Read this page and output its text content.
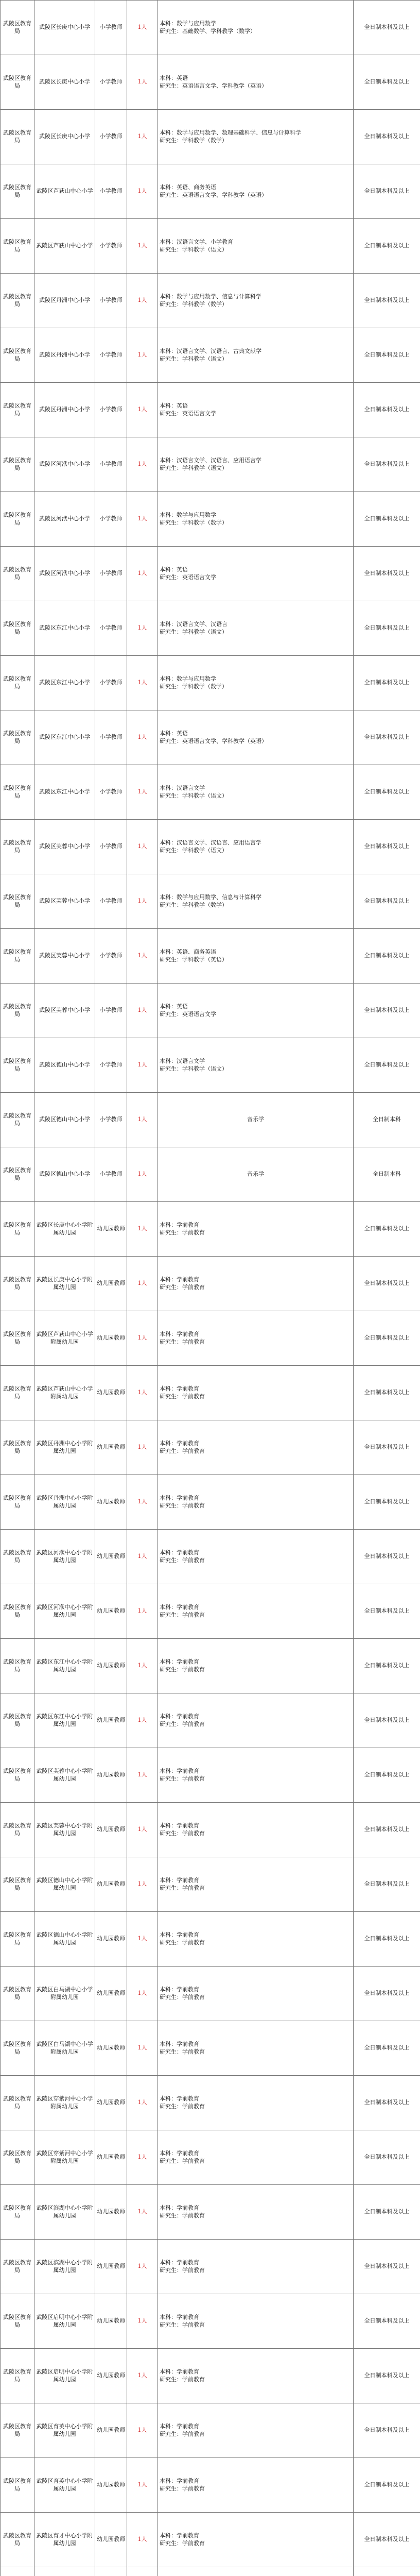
武陵区教育局	武陵区长庚中心小学	小学教师	1人	本科：数学与应用数学
研究生：基础数学、学科教学（数学）	全日制本科及以上
武陵区教育局	武陵区长庚中心小学	小学教师	1人	本科：英语
研究生：英语语言文学、学科教学（英语）	全日制本科及以上
武陵区教育局	武陵区长庚中心小学	小学教师	1人	本科：数学与应用数学、数理基础科学、信息与计算科学
研究生：学科教学（数学）	全日制本科及以上
武陵区教育局	武陵区芦荻山中心小学	小学教师	1人	本科：英语、商务英语
研究生：英语语言文学、学科教学（英语）	全日制本科及以上
武陵区教育局	武陵区芦荻山中心小学	小学教师	1人	本科：汉语言文学、小学教育
研究生：学科教学（语文）	全日制本科及以上
武陵区教育局	武陵区丹洲中心小学	小学教师	1人	本科：数学与应用数学、信息与计算科学
研究生：学科教学（数学）	全日制本科及以上
武陵区教育局	武陵区丹洲中心小学	小学教师	1人	本科：汉语言文学、汉语言、古典文献学
研究生：学科教学（语文）	全日制本科及以上
武陵区教育局	武陵区丹洲中心小学	小学教师	1人	本科：英语
研究生：英语语言文学	全日制本科及以上
武陵区教育局	武陵区河洑中心小学	小学教师	1人	本科：汉语言文学、汉语言、应用语言学
研究生：学科教学（语文）	全日制本科及以上
武陵区教育局	武陵区河洑中心小学	小学教师	1人	本科：数学与应用数学
研究生：学科教学（数学）	全日制本科及以上
武陵区教育局	武陵区河洑中心小学	小学教师	1人	本科：英语
研究生：英语语言文学	全日制本科及以上
武陵区教育局	武陵区东江中心小学	小学教师	1人	本科：汉语言文学、汉语言
研究生：学科教学（语文）	全日制本科及以上
武陵区教育局	武陵区东江中心小学	小学教师	1人	本科：数学与应用数学
研究生：学科教学（数学）	全日制本科及以上
武陵区教育局	武陵区东江中心小学	小学教师	1人	本科：英语
研究生：英语语言文学、学科教学（英语）	全日制本科及以上
武陵区教育局	武陵区东江中心小学	小学教师	1人	本科：汉语言文学
研究生：学科教学（语文）	全日制本科及以上
武陵区教育局	武陵区芙蓉中心小学	小学教师	1人	本科：汉语言文学、汉语言、应用语言学
研究生：学科教学（语文）	全日制本科及以上
武陵区教育局	武陵区芙蓉中心小学	小学教师	1人	本科：数学与应用数学、信息与计算科学
研究生：学科教学（数学）	全日制本科及以上
武陵区教育局	武陵区芙蓉中心小学	小学教师	1人	本科：英语、商务英语
研究生：学科教学（英语）	全日制本科及以上
武陵区教育局	武陵区芙蓉中心小学	小学教师	1人	本科：英语
研究生：英语语言文学	全日制本科及以上
武陵区教育局	武陵区德山中心小学	小学教师	1人	本科：汉语言文学
研究生：学科教学（语文）	全日制本科及以上
武陵区教育局	武陵区德山中心小学	小学教师	1人	音乐学	全日制本科
武陵区教育局	武陵区德山中心小学	小学教师	1人	音乐学	全日制本科
武陵区教育局	武陵区长庚中心小学附属幼儿园	幼儿园教师	1人	本科：学前教育
研究生：学前教育	全日制本科及以上
武陵区教育局	武陵区长庚中心小学附属幼儿园	幼儿园教师	1人	本科：学前教育
研究生：学前教育	全日制本科及以上
武陵区教育局	武陵区芦荻山中心小学附属幼儿园	幼儿园教师	1人	本科：学前教育
研究生：学前教育	全日制本科及以上
武陵区教育局	武陵区芦荻山中心小学附属幼儿园	幼儿园教师	1人	本科：学前教育
研究生：学前教育	全日制本科及以上
武陵区教育局	武陵区丹洲中心小学附属幼儿园	幼儿园教师	1人	本科：学前教育
研究生：学前教育	全日制本科及以上
武陵区教育局	武陵区丹洲中心小学附属幼儿园	幼儿园教师	1人	本科：学前教育
研究生：学前教育	全日制本科及以上
武陵区教育局	武陵区河洑中心小学附属幼儿园	幼儿园教师	1人	本科：学前教育
研究生：学前教育	全日制本科及以上
武陵区教育局	武陵区河洑中心小学附属幼儿园	幼儿园教师	1人	本科：学前教育
研究生：学前教育	全日制本科及以上
武陵区教育局	武陵区东江中心小学附属幼儿园	幼儿园教师	1人	本科：学前教育
研究生：学前教育	全日制本科及以上
武陵区教育局	武陵区东江中心小学附属幼儿园	幼儿园教师	1人	本科：学前教育
研究生：学前教育	全日制本科及以上
武陵区教育局	武陵区芙蓉中心小学附属幼儿园	幼儿园教师	1人	本科：学前教育
研究生：学前教育	全日制本科及以上
武陵区教育局	武陵区芙蓉中心小学附属幼儿园	幼儿园教师	1人	本科：学前教育
研究生：学前教育	全日制本科及以上
武陵区教育局	武陵区德山中心小学附属幼儿园	幼儿园教师	1人	本科：学前教育
研究生：学前教育	全日制本科及以上
武陵区教育局	武陵区德山中心小学附属幼儿园	幼儿园教师	1人	本科：学前教育
研究生：学前教育	全日制本科及以上
武陵区教育局	武陵区白马湖中心小学附属幼儿园	幼儿园教师	1人	本科：学前教育
研究生：学前教育	全日制本科及以上
武陵区教育局	武陵区白马湖中心小学附属幼儿园	幼儿园教师	1人	本科：学前教育
研究生：学前教育	全日制本科及以上
武陵区教育局	武陵区穿紫河中心小学附属幼儿园	幼儿园教师	1人	本科：学前教育
研究生：学前教育	全日制本科及以上
武陵区教育局	武陵区穿紫河中心小学附属幼儿园	幼儿园教师	1人	本科：学前教育
研究生：学前教育	全日制本科及以上
武陵区教育局	武陵区滨湖中心小学附属幼儿园	幼儿园教师	1人	本科：学前教育
研究生：学前教育	全日制本科及以上
武陵区教育局	武陵区滨湖中心小学附属幼儿园	幼儿园教师	1人	本科：学前教育
研究生：学前教育	全日制本科及以上
武陵区教育局	武陵区启明中心小学附属幼儿园	幼儿园教师	1人	本科：学前教育
研究生：学前教育	全日制本科及以上
武陵区教育局	武陵区启明中心小学附属幼儿园	幼儿园教师	1人	本科：学前教育
研究生：学前教育	全日制本科及以上
武陵区教育局	武陵区育英中心小学附属幼儿园	幼儿园教师	1人	本科：学前教育
研究生：学前教育	全日制本科及以上
武陵区教育局	武陵区育英中心小学附属幼儿园	幼儿园教师	1人	本科：学前教育
研究生：学前教育	全日制本科及以上
武陵区教育局	武陵区育才中心小学附属幼儿园	幼儿园教师	1人	本科：学前教育
研究生：学前教育	全日制本科及以上
